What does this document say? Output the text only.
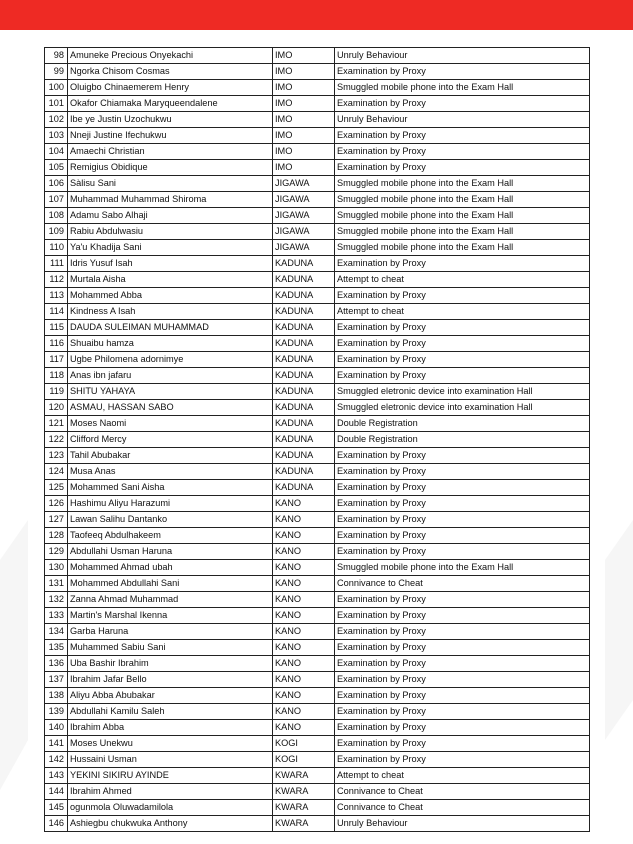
98	Amuneke Precious Onyekachi	IMO	Unruly Behaviour
99	Ngorka Chisom Cosmas	IMO	Examination by Proxy
100	Oluigbo Chinaemerem Henry	IMO	Smuggled mobile phone into the Exam Hall
101	Okafor Chiamaka Maryqueendalene	IMO	Examination by Proxy
102	Ibe ye Justin Uzochukwu	IMO	Unruly Behaviour
103	Nneji Justine Ifechukwu	IMO	Examination by Proxy
104	Amaechi Christian	IMO	Examination by Proxy
105	Remigius Obidique	IMO	Examination by Proxy
106	Sàlisu Sani	JIGAWA	Smuggled mobile phone into the Exam Hall
107	Muhammad Muhammad Shiroma	JIGAWA	Smuggled mobile phone into the Exam Hall
108	Adamu Sabo Alhaji	JIGAWA	Smuggled mobile phone into the Exam Hall
109	Rabiu Abdulwasiu	JIGAWA	Smuggled mobile phone into the Exam Hall
110	Ya'u Khadija Sani	JIGAWA	Smuggled mobile phone into the Exam Hall
111	Idris Yusuf Isah	KADUNA	Examination by Proxy
112	Murtala Aisha	KADUNA	Attempt to cheat
113	Mohammed Abba	KADUNA	Examination by Proxy
114	Kindness A Isah	KADUNA	Attempt to cheat
115	DAUDA SULEIMAN MUHAMMAD	KADUNA	Examination by Proxy
116	Shuaibu hamza	KADUNA	Examination by Proxy
117	Ugbe Philomena adornimye	KADUNA	Examination by Proxy
118	Anas ibn jafaru	KADUNA	Examination by Proxy
119	SHITU YAHAYA	KADUNA	Smuggled eletronic device into examination Hall
120	ASMAU, HASSAN SABO	KADUNA	Smuggled eletronic device into examination Hall
121	Moses Naomi	KADUNA	Double Registration
122	Clifford Mercy	KADUNA	Double Registration
123	Tahil Abubakar	KADUNA	Examination by Proxy
124	Musa Anas	KADUNA	Examination by Proxy
125	Mohammed Sani Aisha	KADUNA	Examination by Proxy
126	Hashimu Aliyu Harazumi	KANO	Examination by Proxy
127	Lawan Salihu Dantanko	KANO	Examination by Proxy
128	Taofeeq Abdulhakeem	KANO	Examination by Proxy
129	Abdullahi Usman Haruna	KANO	Examination by Proxy
130	Mohammed Ahmad ubah	KANO	Smuggled mobile phone into the Exam Hall
131	Mohammed Abdullahi Sani	KANO	Connivance to Cheat
132	Zanna Ahmad Muhammad	KANO	Examination by Proxy
133	Martin's Marshal Ikenna	KANO	Examination by Proxy
134	Garba Haruna	KANO	Examination by Proxy
135	Muhammed Sabiu Sani	KANO	Examination by Proxy
136	Uba Bashir Ibrahim	KANO	Examination by Proxy
137	Ibrahim Jafar Bello	KANO	Examination by Proxy
138	Aliyu Abba Abubakar	KANO	Examination by Proxy
139	Abdullahi Kamilu Saleh	KANO	Examination by Proxy
140	Ibrahim Abba	KANO	Examination by Proxy
141	Moses Unekwu	KOGI	Examination by Proxy
142	Hussaini Usman	KOGI	Examination by Proxy
143	YEKINI SIKIRU AYINDE	KWARA	Attempt to cheat
144	Ibrahim Ahmed	KWARA	Connivance to Cheat
145	ogunmola Oluwadamilola	KWARA	Connivance to Cheat
146	Ashiegbu chukwuka Anthony	KWARA	Unruly Behaviour
